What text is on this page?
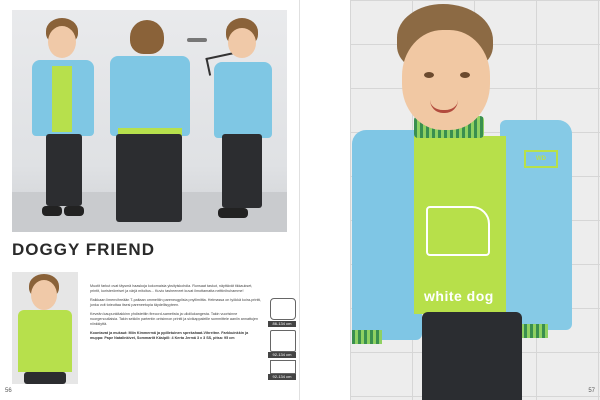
DOGGY FRIEND

Muotit farkut ovat täysmä haaskoja kokomaisia yksityiskohdia. Runsaat taskut, näyttävät tikkaukset, printit, koristeröreiset ja värjä mitoitus... Kuvio tasheeneet kuvat ilmottamatta neittinihuhamme!

Raikkaan limenvihreään T-paitaan ommeltiin pareneugplisia pnyllimiitta. Helmassa on työkkä koira-printti, jonka voit toteuttaa itsesi pareneetopia täydellisyyteen.

Keveän kaupunkitakkinn yhdistettiin firecord-sametista ja ullolilukangesta. Takin vuorisinne nuorgenoutlaisia. Takin sekkiin partentin ontsinnon printti ja sivikappaleille sommittele aaniin annattujen niinkkiyttä.

Koontavat ja mukaut: Miin Kimmermä ja ppilletuinen sprekahaat-Vihreitne. Farkkuinkkin ja muppa: Pape Natalinkivet, Sommartit Käsipill: 4 Kerta Jermä 3 x 3 SS, pitsa: 95 cm

86-134 cm
92-134 cm
92-134 cm
56
white dog
WD
57
